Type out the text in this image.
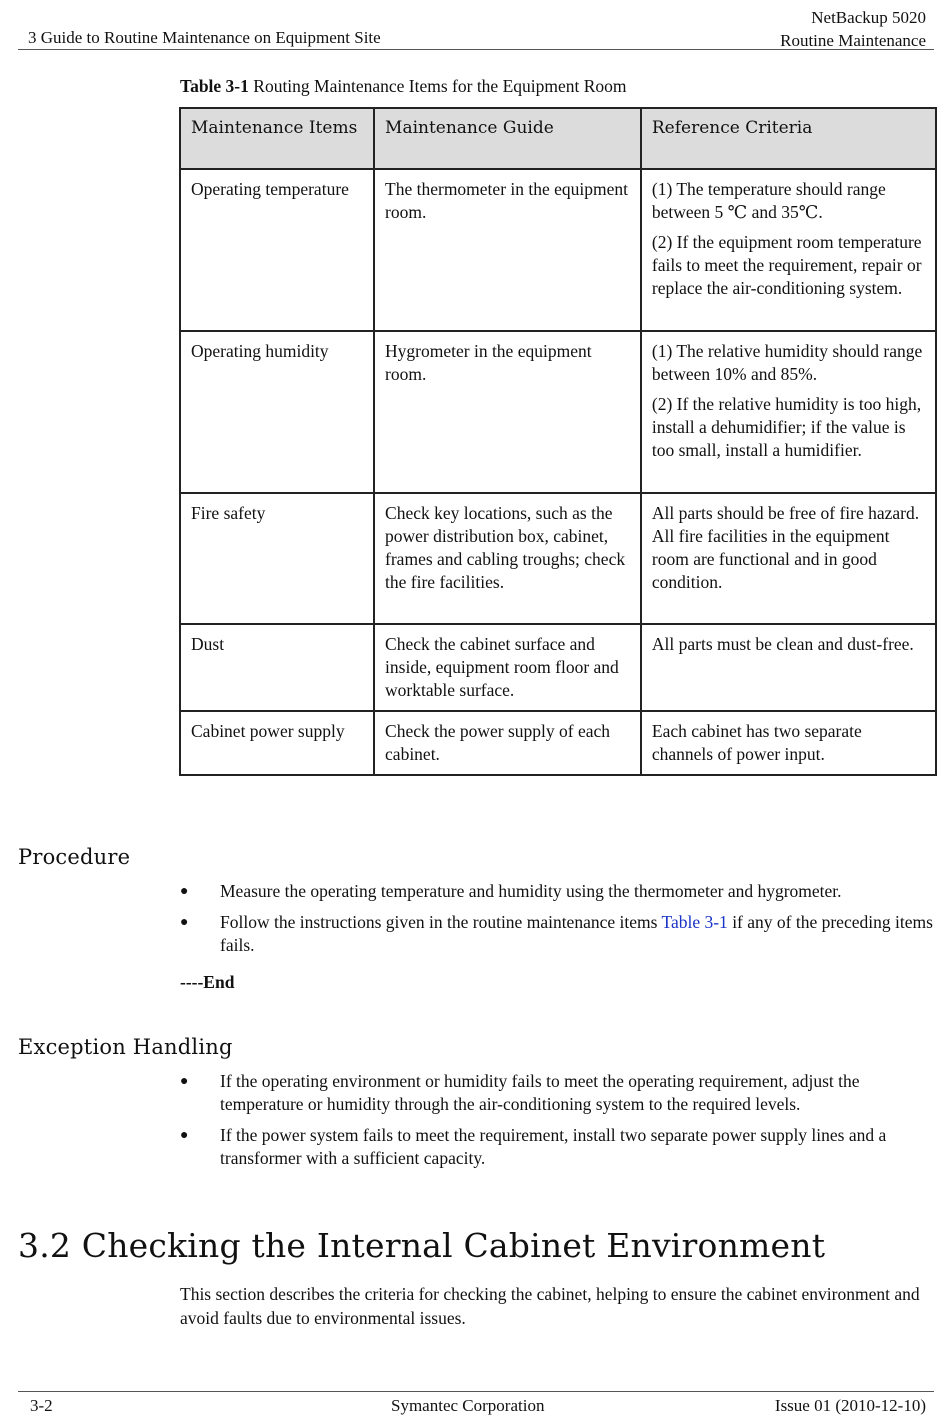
3 Guide to Routine Maintenance on Equipment Site
NetBackup 5020
Routine Maintenance
Table 3-1 Routing Maintenance Items for the Equipment Room
Maintenance Items	Maintenance Guide	Reference Criteria
Operating temperature	The thermometer in the equipment room.	(1) The temperature should range between 5 ℃ and 35℃.

(2) If the equipment room temperature fails to meet the requirement, repair or replace the air-conditioning system.

Operating humidity	Hygrometer in the equipment room.	(1) The relative humidity should range between 10% and 85%.

(2) If the relative humidity is too high, install a dehumidifier; if the value is too small, install a humidifier.

Fire safety	Check key locations, such as the power distribution box, cabinet, frames and cabling troughs; check the fire facilities.	All parts should be free of fire hazard. All fire facilities in the equipment room are functional and in good condition.

Dust	Check the cabinet surface and inside, equipment room floor and worktable surface.	All parts must be clean and dust-free.

Cabinet power supply	Check the power supply of each cabinet.	Each cabinet has two separate channels of power input.

Procedure
● Measure the operating temperature and humidity using the thermometer and hygrometer.
● Follow the instructions given in the routine maintenance items Table 3-1 if any of the preceding items fails.
----End
Exception Handling
● If the operating environment or humidity fails to meet the operating requirement, adjust the temperature or humidity through the air-conditioning system to the required levels.
● If the power system fails to meet the requirement, install two separate power supply lines and a transformer with a sufficient capacity.
3.2 Checking the Internal Cabinet Environment

This section describes the criteria for checking the cabinet, helping to ensure the cabinet environment and avoid faults due to environmental issues.

3-2	Symantec Corporation	Issue 01 (2010-12-10)
